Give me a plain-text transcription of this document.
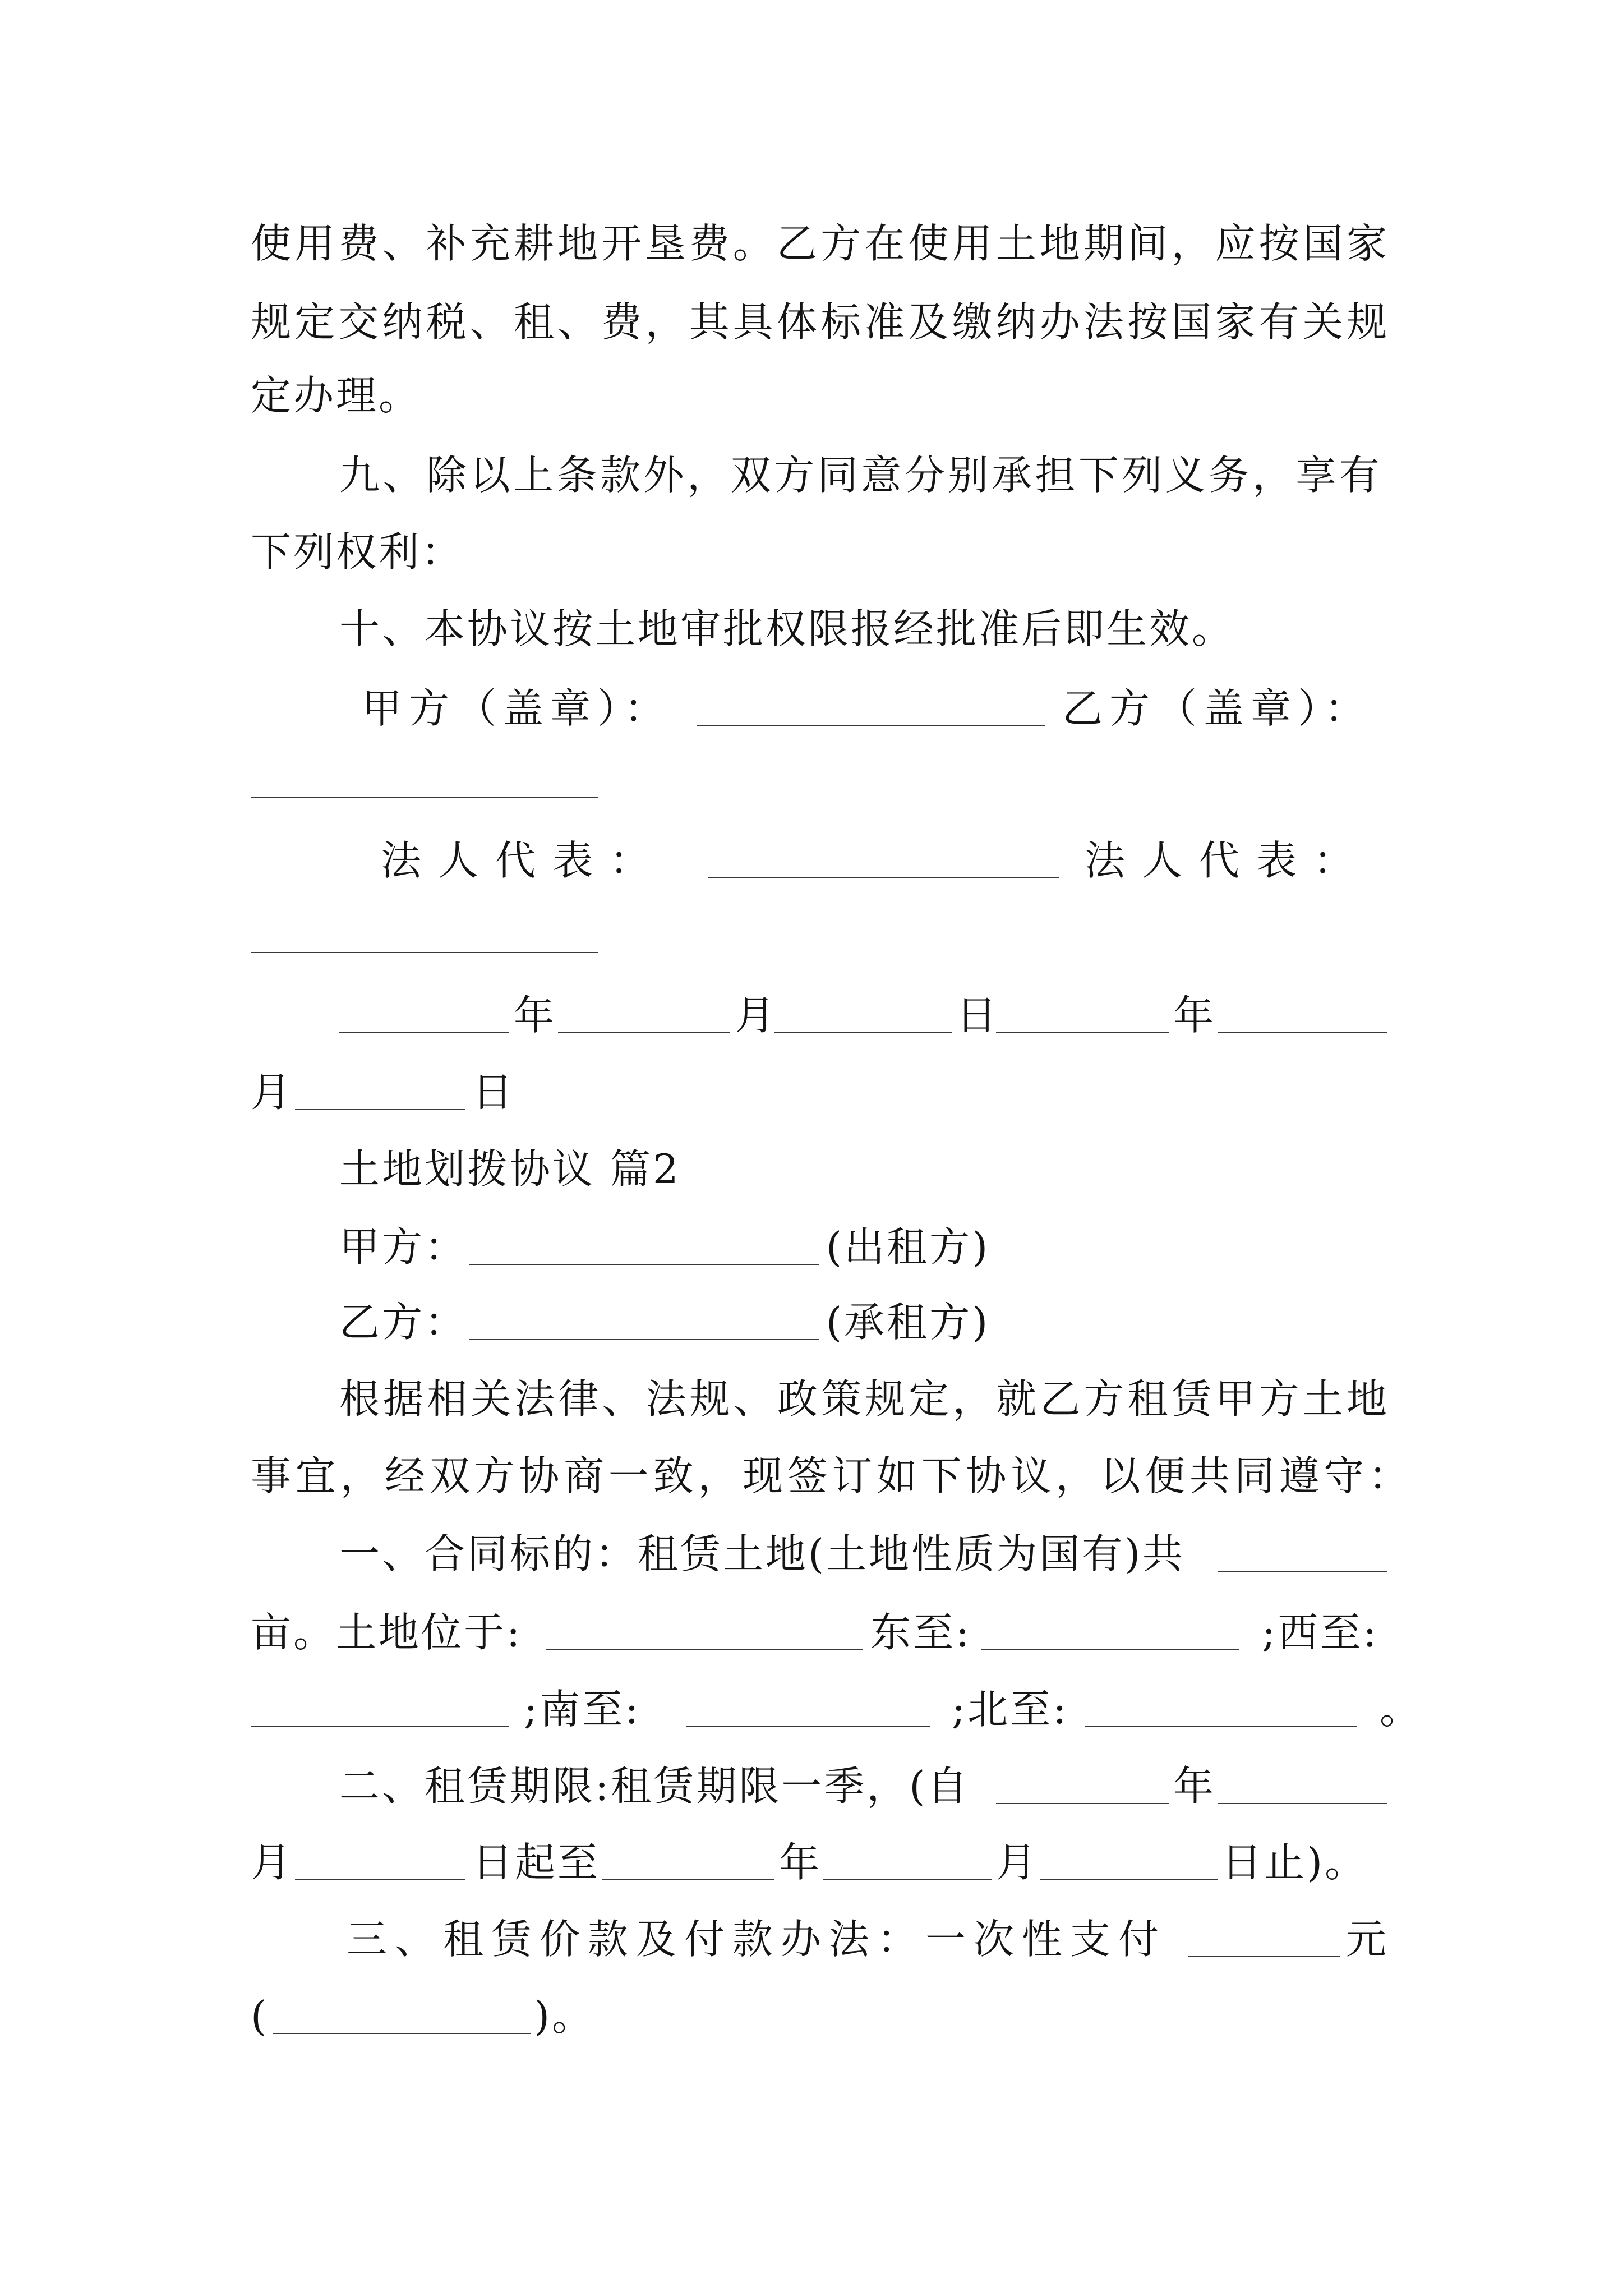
使用费、补充耕地开垦费。乙方在使用土地期间，应按国家
规定交纳税、租、费，其具体标准及缴纳办法按国家有关规
定办理。
九、除以上条款外，双方同意分别承担下列义务，享有
下列权利：
十、本协议按土地审批权限报经批准后即生效。
甲方（盖章）：	乙方（盖章）：
法人代表：	法人代表：
年	月	日	年
月	日
土地划拨协议 篇2
甲方：	(出租方)
乙方：	(承租方)
根据相关法律、法规、政策规定，就乙方租赁甲方土地
事宜，经双方协商一致，现签订如下协议，以便共同遵守：
一、合同标的：租赁土地(土地性质为国有)共
亩。土地位于:	东至:	;西至:
;南至:	;北至:	。
二、租赁期限:租赁期限一季，(自	年
月	日起至	年	月	日止)。
三、租赁价款及付款办法：一次性支付	元
(	)。
